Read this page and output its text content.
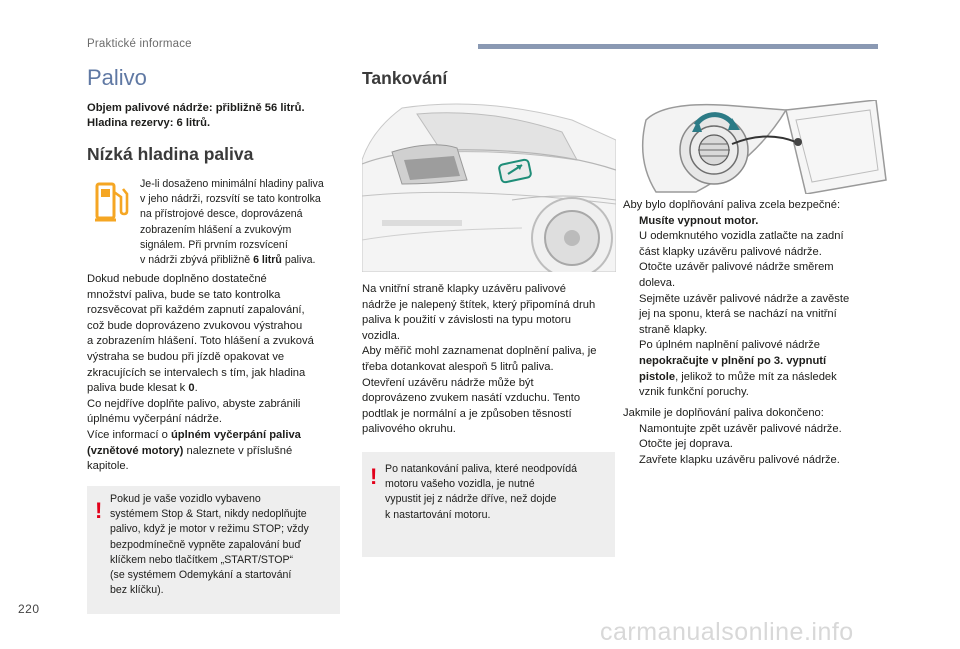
Praktické informace
Palivo
Objem palivové nádrže: přibližně 56 litrů.
Hladina rezervy: 6 litrů.
Nízká hladina paliva
Je-li dosaženo minimální hladiny paliva
v jeho nádrži, rozsvítí se tato kontrolka
na přístrojové desce, doprovázená
zobrazením hlášení a zvukovým
signálem. Při prvním rozsvícení
v nádrži zbývá přibližně 6 litrů paliva.
Dokud nebude doplněno dostatečné
množství paliva, bude se tato kontrolka
rozsvěcovat při každém zapnutí zapalování,
což bude doprovázeno zvukovou výstrahou
a zobrazením hlášení. Toto hlášení a zvuková
výstraha se budou při jízdě opakovat ve
zkracujících se intervalech s tím, jak hladina
paliva bude klesat k 0.
Co nejdříve doplňte palivo, abyste zabránili
úplnému vyčerpání nádrže.
Více informací o úplném vyčerpání paliva
(vznětové motory) naleznete v příslušné
kapitole.
! Pokud je vaše vozidlo vybaveno
systémem Stop & Start, nikdy nedoplňujte
palivo, když je motor v režimu STOP; vždy
bezpodmínečně vypněte zapalování buď
klíčkem nebo tlačítkem „START/STOP“
(se systémem Odemykání a startování
bez klíčku).
Tankování
Na vnitřní straně klapky uzávěru palivové
nádrže je nalepený štítek, který připomíná druh
paliva k použití v závislosti na typu motoru
vozidla.
Aby měřič mohl zaznamenat doplnění paliva, je
třeba dotankovat alespoň 5 litrů paliva.
Otevření uzávěru nádrže může být
doprovázeno zvukem nasátí vzduchu. Tento
podtlak je normální a je způsoben těsností
palivového okruhu.
! Po natankování paliva, které neodpovídá
motoru vašeho vozidla, je nutné
vypustit jej z nádrže dříve, než dojde
k nastartování motoru.
Aby bylo doplňování paliva zcela bezpečné:
Musíte vypnout motor.
U odemknutého vozidla zatlačte na zadní
část klapky uzávěru palivové nádrže.
Otočte uzávěr palivové nádrže směrem
doleva.
Sejměte uzávěr palivové nádrže a zavěste
jej na sponu, která se nachází na vnitřní
straně klapky.
Po úplném naplnění palivové nádrže
nepokračujte v plnění po 3. vypnutí
pistole, jelikož to může mít za následek
vznik funkční poruchy.
Jakmile je doplňování paliva dokončeno:
Namontujte zpět uzávěr palivové nádrže.
Otočte jej doprava.
Zavřete klapku uzávěru palivové nádrže.
220
carmanualsonline.info
